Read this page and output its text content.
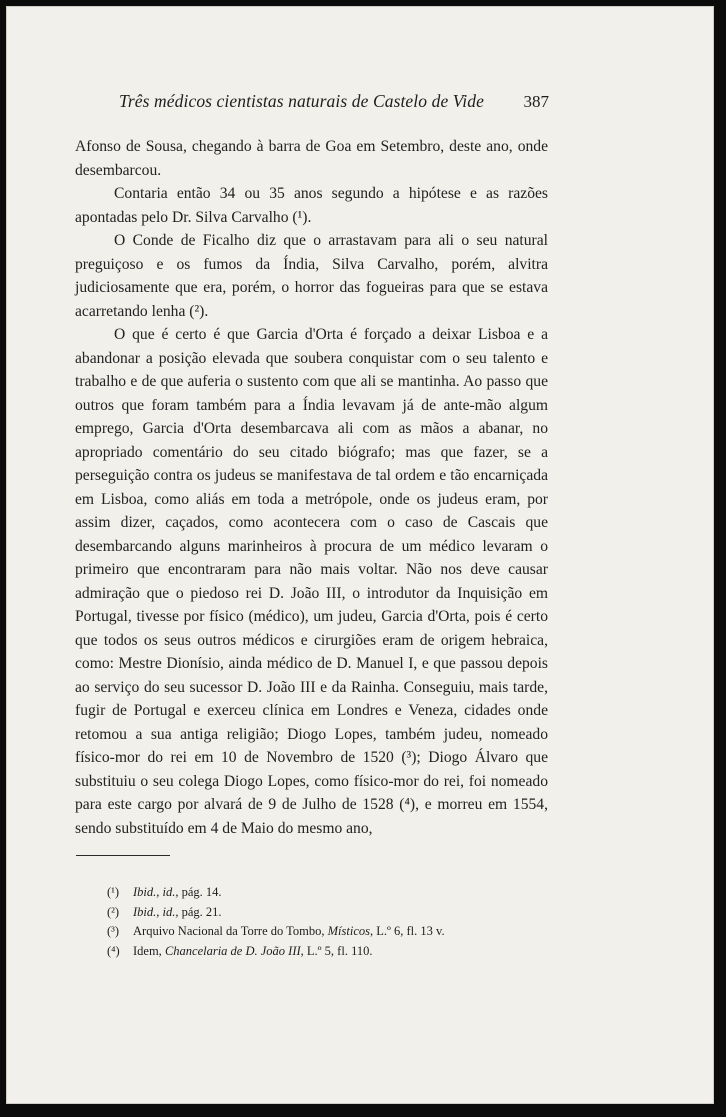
Três médicos cientistas naturais de Castelo de Vide 387

Afonso de Sousa, chegando à barra de Goa em Setembro, deste ano, onde desembarcou.

Contaria então 34 ou 35 anos segundo a hipótese e as razões apontadas pelo Dr. Silva Carvalho (¹).

O Conde de Ficalho diz que o arrastavam para ali o seu natural preguiçoso e os fumos da Índia, Silva Carvalho, porém, alvitra judiciosamente que era, porém, o horror das fogueiras para que se estava acarretando lenha (²).

O que é certo é que Garcia d'Orta é forçado a deixar Lisboa e a abandonar a posição elevada que soubera conquistar com o seu talento e trabalho e de que auferia o sustento com que ali se mantinha. Ao passo que outros que foram também para a Índia levavam já de ante-mão algum emprego, Garcia d'Orta desembarcava ali com as mãos a abanar, no apropriado comentário do seu citado biógrafo; mas que fazer, se a perseguição contra os judeus se manifestava de tal ordem e tão encarniçada em Lisboa, como aliás em toda a metrópole, onde os judeus eram, por assim dizer, caçados, como acontecera com o caso de Cascais que desembarcando alguns marinheiros à procura de um médico levaram o primeiro que encontraram para não mais voltar. Não nos deve causar admiração que o piedoso rei D. João III, o introdutor da Inquisição em Portugal, tivesse por físico (médico), um judeu, Garcia d'Orta, pois é certo que todos os seus outros médicos e cirurgiões eram de origem hebraica, como: Mestre Dionísio, ainda médico de D. Manuel I, e que passou depois ao serviço do seu sucessor D. João III e da Rainha. Conseguiu, mais tarde, fugir de Portugal e exerceu clínica em Londres e Veneza, cidades onde retomou a sua antiga religião; Diogo Lopes, também judeu, nomeado físico-mor do rei em 10 de Novembro de 1520 (³); Diogo Álvaro que substituiu o seu colega Diogo Lopes, como físico-mor do rei, foi nomeado para este cargo por alvará de 9 de Julho de 1528 (⁴), e morreu em 1554, sendo substituído em 4 de Maio do mesmo ano,

(¹) Ibid., id., pág. 14.
(²) Ibid., id., pág. 21.
(³) Arquivo Nacional da Torre do Tombo, Místicos, L.º 6, fl. 13 v.
(⁴) Idem, Chancelaria de D. João III, L.º 5, fl. 110.
